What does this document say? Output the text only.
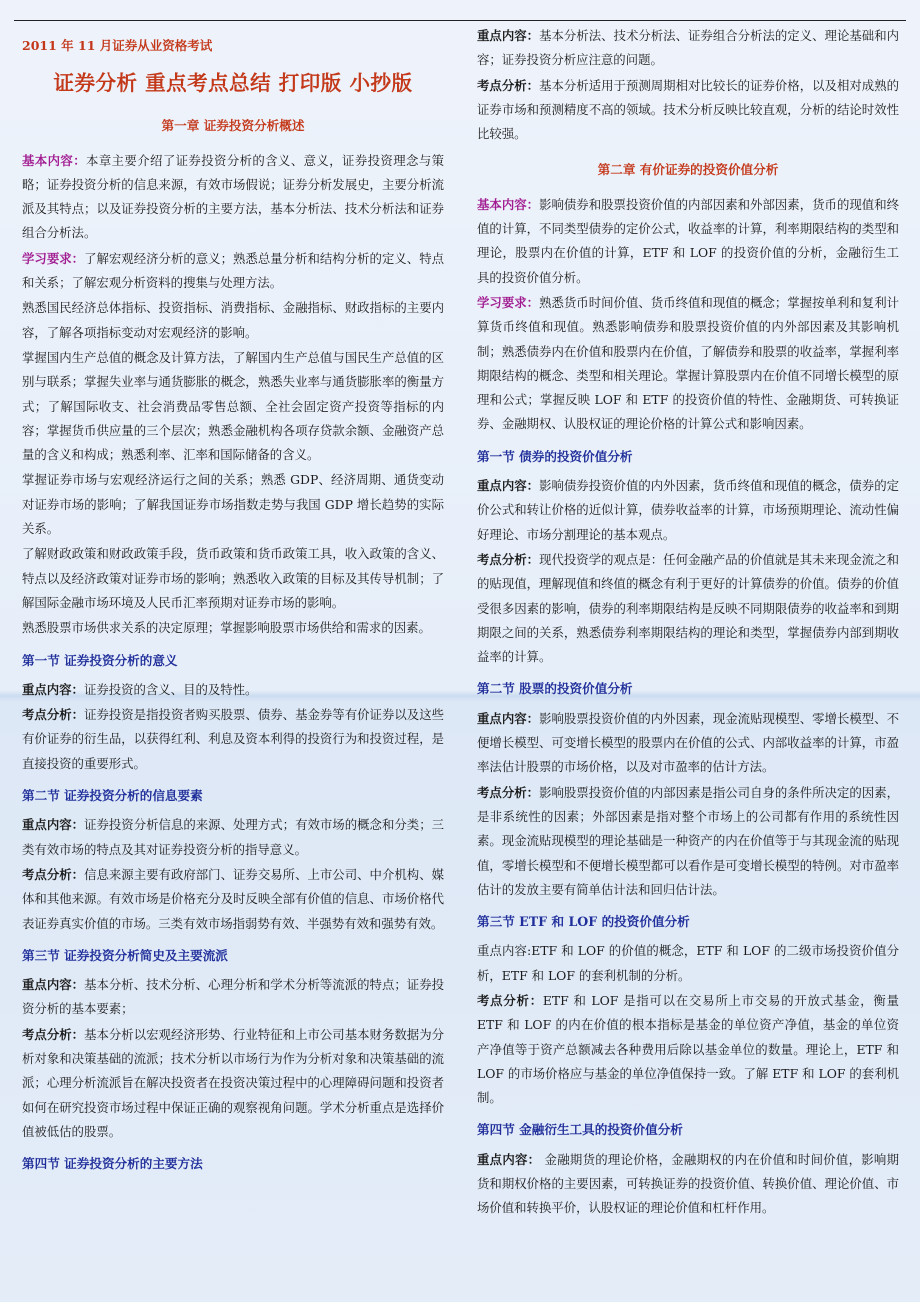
2011 年 11 月证券从业资格考试

证券分析 重点考点总结 打印版 小抄版

第一章 证券投资分析概述

基本内容：本章主要介绍了证券投资分析的含义、意义，证券投资理念与策略；证券投资分析的信息来源，有效市场假说；证券分析发展史，主要分析流派及其特点；以及证券投资分析的主要方法，基本分析法、技术分析法和证券组合分析法。

学习要求：了解宏观经济分析的意义；熟悉总量分析和结构分析的定义、特点和关系；了解宏观分析资料的搜集与处理方法。

熟悉国民经济总体指标、投资指标、消费指标、金融指标、财政指标的主要内容，了解各项指标变动对宏观经济的影响。

掌握国内生产总值的概念及计算方法，了解国内生产总值与国民生产总值的区别与联系；掌握失业率与通货膨胀的概念，熟悉失业率与通货膨胀率的衡量方式；了解国际收支、社会消费品零售总额、全社会固定资产投资等指标的内容；掌握货币供应量的三个层次；熟悉金融机构各项存贷款余额、金融资产总量的含义和构成；熟悉利率、汇率和国际储备的含义。

掌握证券市场与宏观经济运行之间的关系；熟悉 GDP、经济周期、通货变动对证券市场的影响；了解我国证券市场指数走势与我国 GDP 增长趋势的实际关系。

了解财政政策和财政政策手段，货币政策和货币政策工具，收入政策的含义、特点以及经济政策对证券市场的影响；熟悉收入政策的目标及其传导机制；了解国际金融市场环境及人民币汇率预期对证券市场的影响。

熟悉股票市场供求关系的决定原理；掌握影响股票市场供给和需求的因素。

第一节 证券投资分析的意义

重点内容：证券投资的含义、目的及特性。

考点分析：证券投资是指投资者购买股票、债券、基金券等有价证券以及这些有价证券的衍生品，以获得红利、利息及资本利得的投资行为和投资过程，是直接投资的重要形式。

第二节 证券投资分析的信息要素

重点内容：证券投资分析信息的来源、处理方式；有效市场的概念和分类；三类有效市场的特点及其对证券投资分析的指导意义。

考点分析：信息来源主要有政府部门、证券交易所、上市公司、中介机构、媒体和其他来源。有效市场是价格充分及时反映全部有价值的信息、市场价格代表证券真实价值的市场。三类有效市场指弱势有效、半强势有效和强势有效。

第三节 证券投资分析简史及主要流派

重点内容：基本分析、技术分析、心理分析和学术分析等流派的特点；证券投资分析的基本要素；

考点分析：基本分析以宏观经济形势、行业特征和上市公司基本财务数据为分析对象和决策基础的流派；技术分析以市场行为作为分析对象和决策基础的流派；心理分析流派旨在解决投资者在投资决策过程中的心理障碍问题和投资者如何在研究投资市场过程中保证正确的观察视角问题。学术分析重点是选择价值被低估的股票。

第四节 证券投资分析的主要方法

重点内容：基本分析法、技术分析法、证券组合分析法的定义、理论基础和内容；证券投资分析应注意的问题。

考点分析：基本分析适用于预测周期相对比较长的证券价格，以及相对成熟的证券市场和预测精度不高的领域。技术分析反映比较直观，分析的结论时效性比较强。

第二章 有价证券的投资价值分析

基本内容：影响债券和股票投资价值的内部因素和外部因素，货币的现值和终值的计算，不同类型债券的定价公式，收益率的计算，利率期限结构的类型和理论，股票内在价值的计算，ETF 和 LOF 的投资价值的分析，金融衍生工具的投资价值分析。

学习要求：熟悉货币时间价值、货币终值和现值的概念；掌握按单利和复利计算货币终值和现值。熟悉影响债券和股票投资价值的内外部因素及其影响机制；熟悉债券内在价值和股票内在价值，了解债券和股票的收益率，掌握利率期限结构的概念、类型和相关理论。掌握计算股票内在价值不同增长模型的原理和公式；掌握反映 LOF 和 ETF 的投资价值的特性、金融期货、可转换证券、金融期权、认股权证的理论价格的计算公式和影响因素。

第一节 债券的投资价值分析

重点内容：影响债券投资价值的内外因素，货币终值和现值的概念，债券的定价公式和转让价格的近似计算，债券收益率的计算，市场预期理论、流动性偏好理论、市场分割理论的基本观点。

考点分析：现代投资学的观点是：任何金融产品的价值就是其未来现金流之和的贴现值，理解现值和终值的概念有利于更好的计算债券的价值。债券的价值受很多因素的影响，债券的利率期限结构是反映不同期限债券的收益率和到期期限之间的关系，熟悉债券利率期限结构的理论和类型，掌握债券内部到期收益率的计算。

第二节 股票的投资价值分析

重点内容：影响股票投资价值的内外因素，现金流贴现模型、零增长模型、不便增长模型、可变增长模型的股票内在价值的公式、内部收益率的计算，市盈率法估计股票的市场价格，以及对市盈率的估计方法。

考点分析：影响股票投资价值的内部因素是指公司自身的条件所决定的因素，是非系统性的因素；外部因素是指对整个市场上的公司都有作用的系统性因素。现金流贴现模型的理论基础是一种资产的内在价值等于与其现金流的贴现值，零增长模型和不便增长模型都可以看作是可变增长模型的特例。对市盈率估计的发放主要有简单估计法和回归估计法。

第三节 ETF 和 LOF 的投资价值分析

重点内容:ETF 和 LOF 的价值的概念，ETF 和 LOF 的二级市场投资价值分析，ETF 和 LOF 的套利机制的分析。

考点分析：ETF 和 LOF 是指可以在交易所上市交易的开放式基金，衡量 ETF 和 LOF 的内在价值的根本指标是基金的单位资产净值，基金的单位资产净值等于资产总额减去各种费用后除以基金单位的数量。理论上，ETF 和 LOF 的市场价格应与基金的单位净值保持一致。了解 ETF 和 LOF 的套利机制。

第四节 金融衍生工具的投资价值分析

重点内容： 金融期货的理论价格，金融期权的内在价值和时间价值，影响期货和期权价格的主要因素，可转换证券的投资价值、转换价值、理论价值、市场价值和转换平价，认股权证的理论价值和杠杆作用。
